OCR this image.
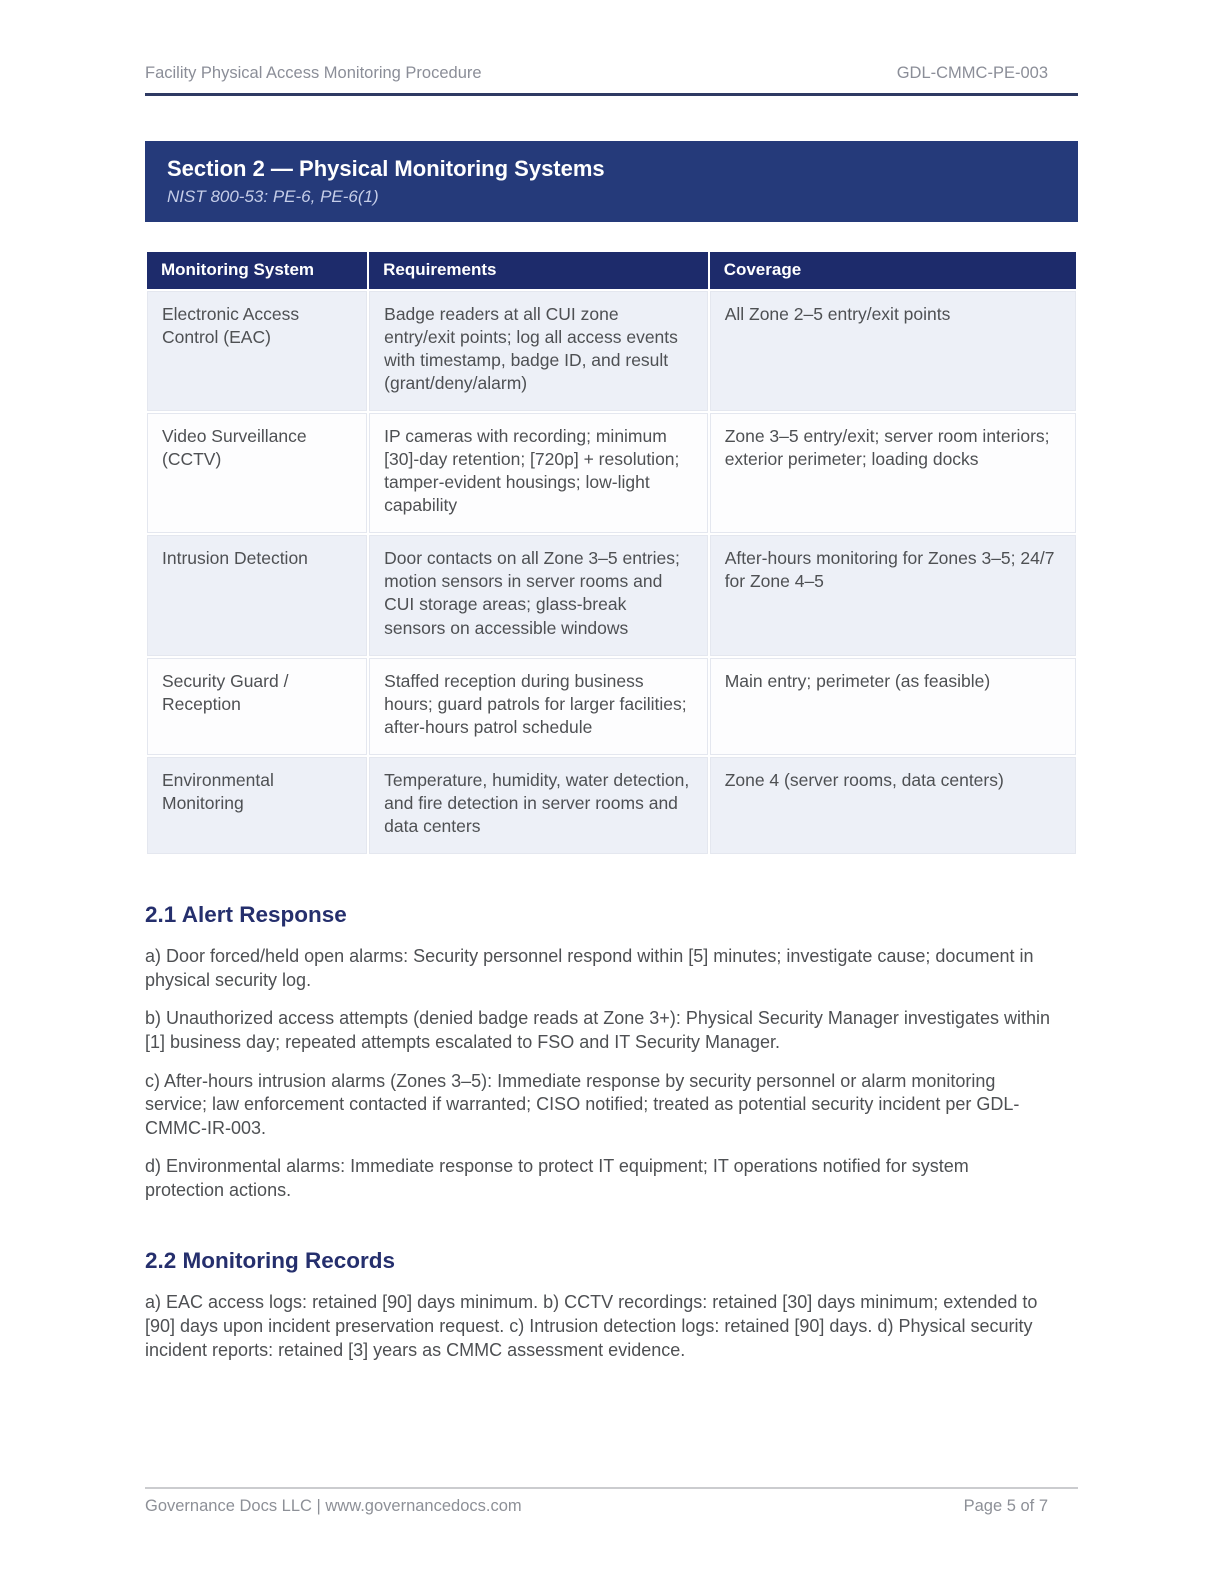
Facility Physical Access Monitoring Procedure	GDL-CMMC-PE-003
Section 2 — Physical Monitoring Systems
NIST 800-53: PE-6, PE-6(1)
Monitoring System	Requirements	Coverage
Electronic Access Control (EAC)	Badge readers at all CUI zone entry/exit points; log all access events with timestamp, badge ID, and result (grant/deny/alarm)	All Zone 2–5 entry/exit points
Video Surveillance (CCTV)	IP cameras with recording; minimum [30]-day retention; [720p] + resolution; tamper-evident housings; low-light capability	Zone 3–5 entry/exit; server room interiors; exterior perimeter; loading docks
Intrusion Detection	Door contacts on all Zone 3–5 entries; motion sensors in server rooms and CUI storage areas; glass-break sensors on accessible windows	After-hours monitoring for Zones 3–5; 24/7 for Zone 4–5
Security Guard / Reception	Staffed reception during business hours; guard patrols for larger facilities; after-hours patrol schedule	Main entry; perimeter (as feasible)
Environmental Monitoring	Temperature, humidity, water detection, and fire detection in server rooms and data centers	Zone 4 (server rooms, data centers)
2.1 Alert Response

a) Door forced/held open alarms: Security personnel respond within [5] minutes; investigate cause; document in physical security log.

b) Unauthorized access attempts (denied badge reads at Zone 3+): Physical Security Manager investigates within [1] business day; repeated attempts escalated to FSO and IT Security Manager.

c) After-hours intrusion alarms (Zones 3–5): Immediate response by security personnel or alarm monitoring service; law enforcement contacted if warranted; CISO notified; treated as potential security incident per GDL-CMMC-IR-003.

d) Environmental alarms: Immediate response to protect IT equipment; IT operations notified for system protection actions.

2.2 Monitoring Records

a) EAC access logs: retained [90] days minimum. b) CCTV recordings: retained [30] days minimum; extended to [90] days upon incident preservation request. c) Intrusion detection logs: retained [90] days. d) Physical security incident reports: retained [3] years as CMMC assessment evidence.

Governance Docs LLC | www.governancedocs.com	Page 5 of 7
